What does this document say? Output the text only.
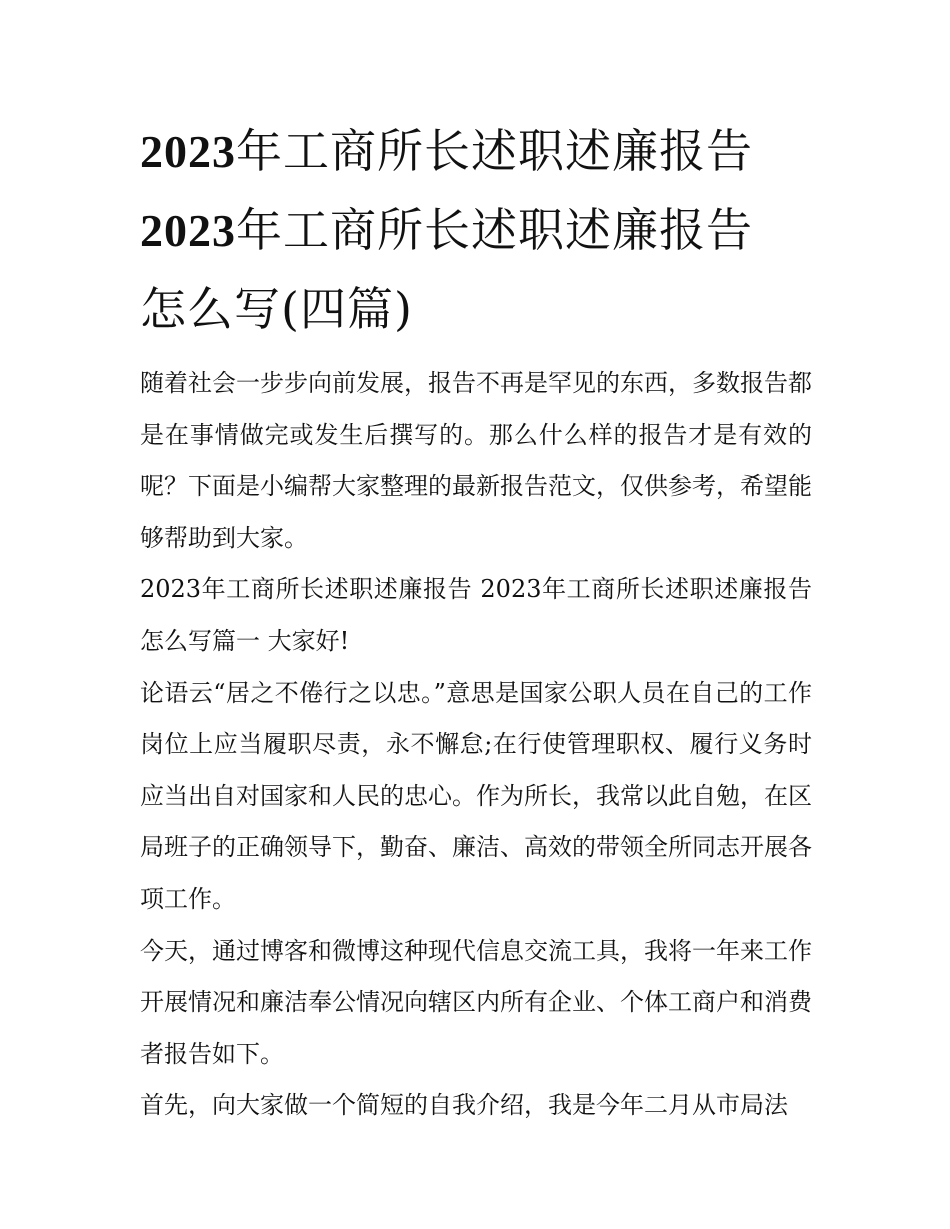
2023年工商所长述职述廉报告
2023年工商所长述职述廉报告
怎么写(四篇)

随着社会一步步向前发展，报告不再是罕见的东西，多数报告都是在事情做完或发生后撰写的。那么什么样的报告才是有效的呢？下面是小编帮大家整理的最新报告范文，仅供参考，希望能够帮助到大家。

2023年工商所长述职述廉报告 2023年工商所长述职述廉报告怎么写篇一 大家好!

论语云“居之不倦行之以忠。”意思是国家公职人员在自己的工作岗位上应当履职尽责，永不懈怠;在行使管理职权、履行义务时应当出自对国家和人民的忠心。作为所长，我常以此自勉，在区局班子的正确领导下，勤奋、廉洁、高效的带领全所同志开展各项工作。

今天，通过博客和微博这种现代信息交流工具，我将一年来工作开展情况和廉洁奉公情况向辖区内所有企业、个体工商户和消费者报告如下。

首先，向大家做一个简短的自我介绍，我是今年二月从市局法
